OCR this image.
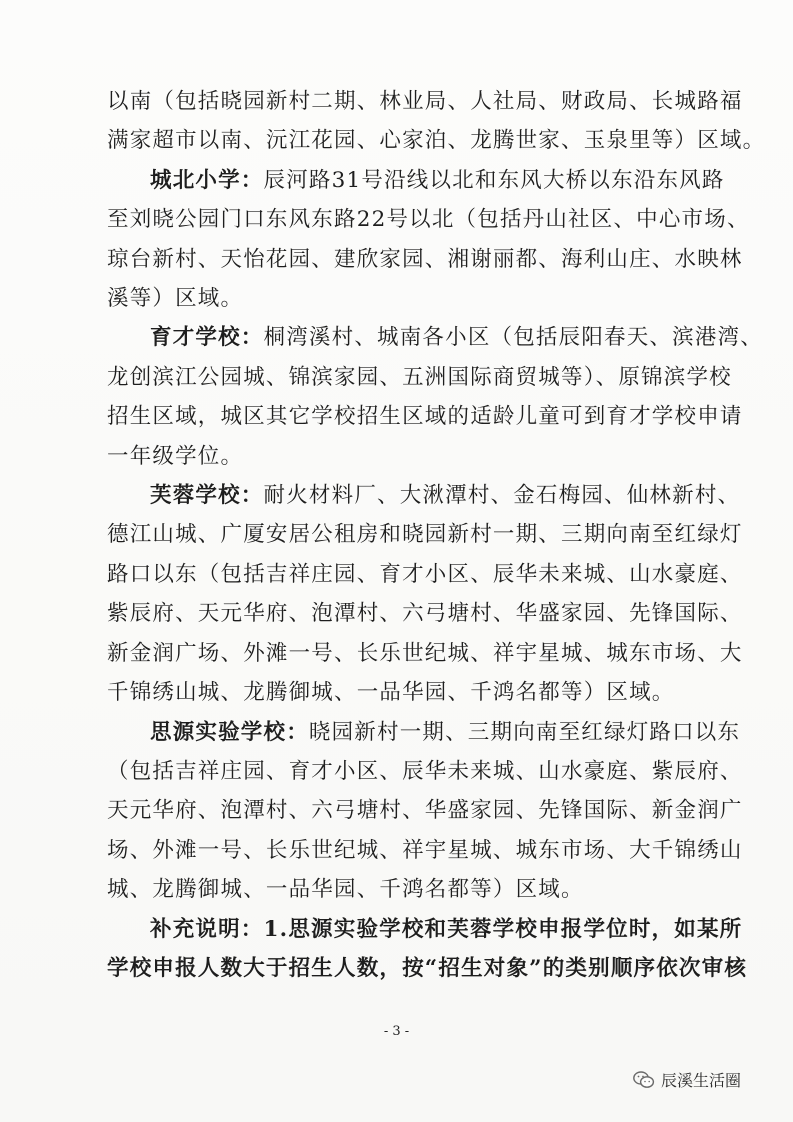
以南（包括晓园新村二期、林业局、人社局、财政局、长城路福
满家超市以南、沅江花园、心家泊、龙腾世家、玉泉里等）区域。
城北小学：辰河路31号沿线以北和东风大桥以东沿东风路
至刘晓公园门口东风东路22号以北（包括丹山社区、中心市场、
琼台新村、天怡花园、建欣家园、湘谢丽都、海利山庄、水映林
溪等）区域。
育才学校：桐湾溪村、城南各小区（包括辰阳春天、滨港湾、
龙创滨江公园城、锦滨家园、五洲国际商贸城等）、原锦滨学校
招生区域，城区其它学校招生区域的适龄儿童可到育才学校申请
一年级学位。
芙蓉学校：耐火材料厂、大湫潭村、金石梅园、仙林新村、
德江山城、广厦安居公租房和晓园新村一期、三期向南至红绿灯
路口以东（包括吉祥庄园、育才小区、辰华未来城、山水豪庭、
紫辰府、天元华府、泡潭村、六弓塘村、华盛家园、先锋国际、
新金润广场、外滩一号、长乐世纪城、祥宇星城、城东市场、大
千锦绣山城、龙腾御城、一品华园、千鸿名都等）区域。
思源实验学校：晓园新村一期、三期向南至红绿灯路口以东
（包括吉祥庄园、育才小区、辰华未来城、山水豪庭、紫辰府、
天元华府、泡潭村、六弓塘村、华盛家园、先锋国际、新金润广
场、外滩一号、长乐世纪城、祥宇星城、城东市场、大千锦绣山
城、龙腾御城、一品华园、千鸿名都等）区域。
补充说明：1.思源实验学校和芙蓉学校申报学位时，如某所
学校申报人数大于招生人数，按“招生对象”的类别顺序依次审核
- 3 -
辰溪生活圈
